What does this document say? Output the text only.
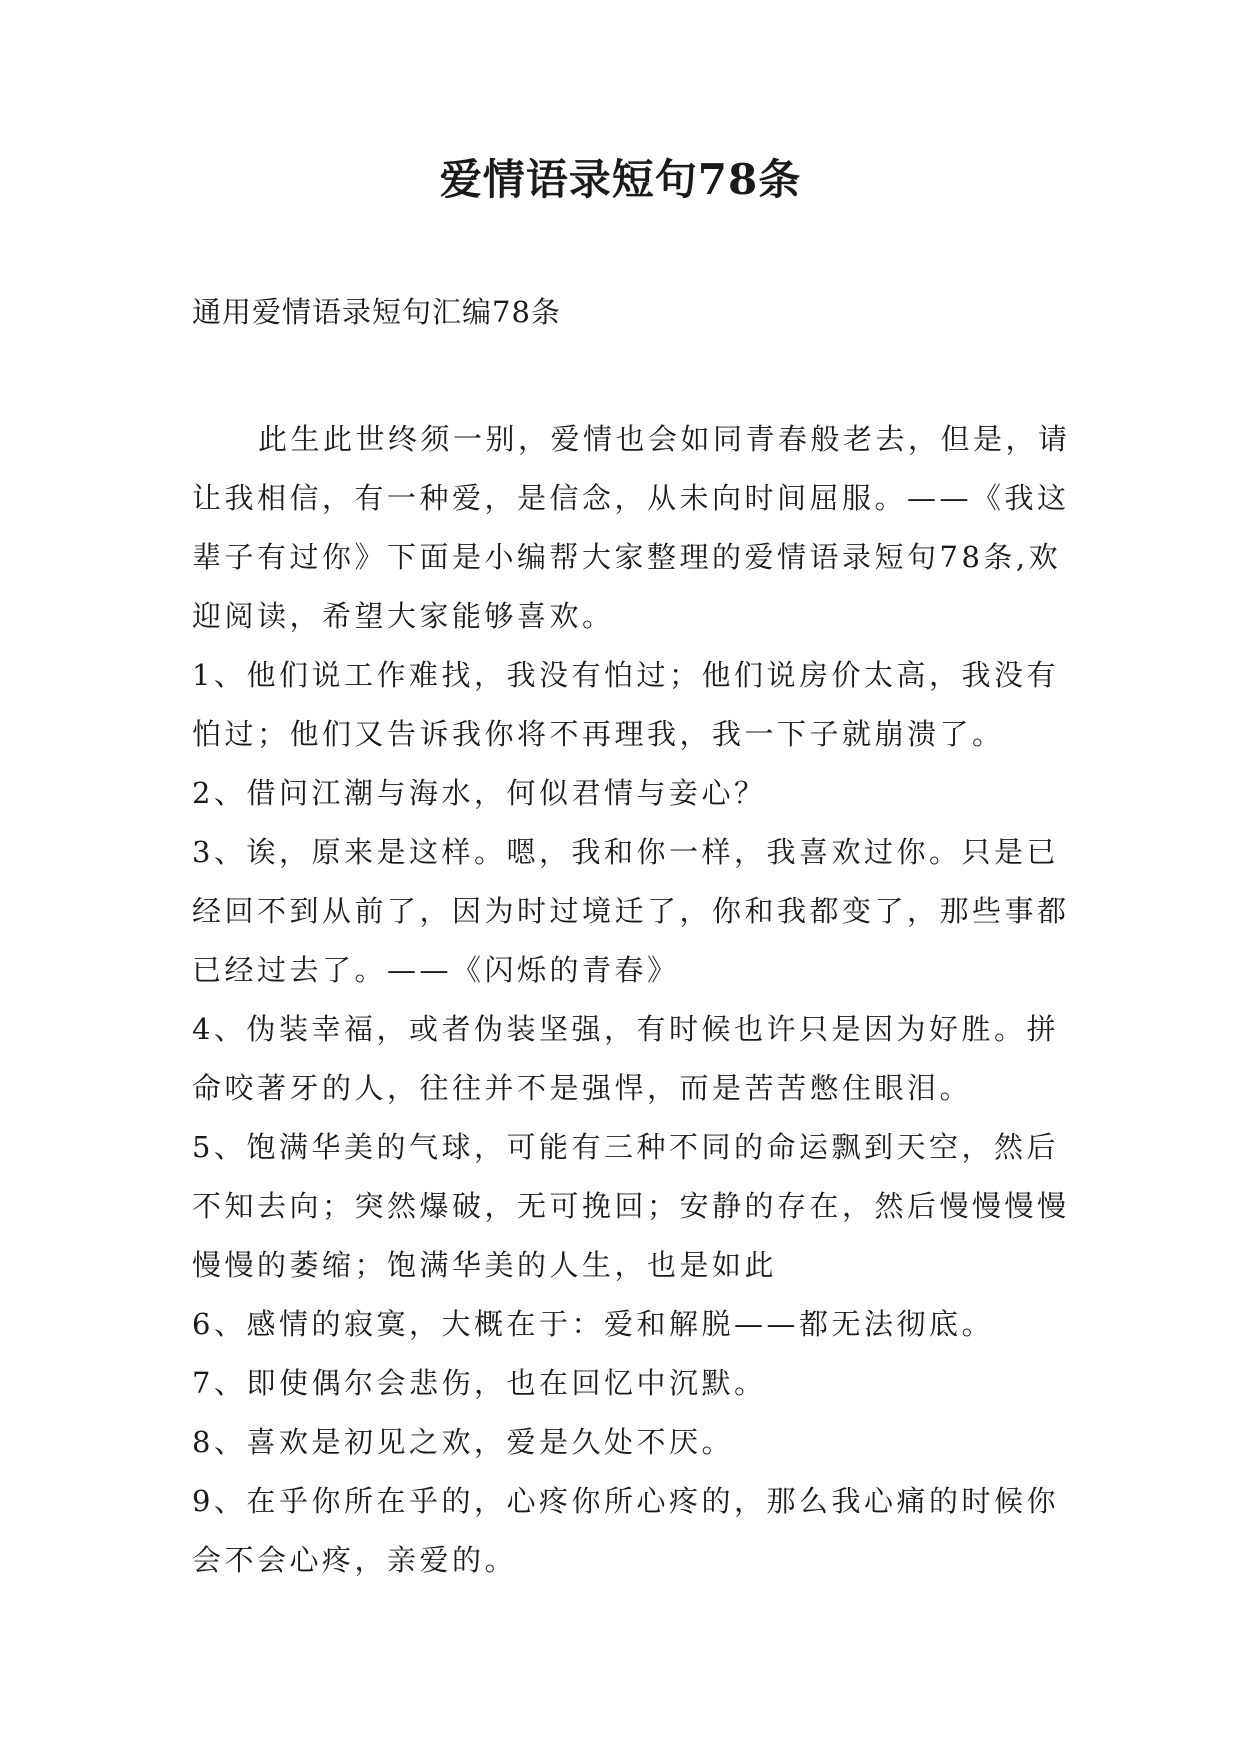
爱情语录短句78条

通用爱情语录短句汇编78条

此生此世终须一别，爱情也会如同青春般老去，但是，请让我相信，有一种爱，是信念，从未向时间屈服。——《我这辈子有过你》下面是小编帮大家整理的爱情语录短句78条,欢迎阅读，希望大家能够喜欢。

1、他们说工作难找，我没有怕过；他们说房价太高，我没有怕过；他们又告诉我你将不再理我，我一下子就崩溃了。

2、借问江潮与海水，何似君情与妾心？

3、诶，原来是这样。嗯，我和你一样，我喜欢过你。只是已经回不到从前了，因为时过境迁了，你和我都变了，那些事都已经过去了。——《闪烁的青春》

4、伪装幸福，或者伪装坚强，有时候也许只是因为好胜。拼命咬著牙的人，往往并不是强悍，而是苦苦憋住眼泪。

5、饱满华美的气球，可能有三种不同的命运飘到天空，然后不知去向；突然爆破，无可挽回；安静的存在，然后慢慢慢慢慢慢的萎缩；饱满华美的人生，也是如此

6、感情的寂寞，大概在于：爱和解脱——都无法彻底。

7、即使偶尔会悲伤，也在回忆中沉默。

8、喜欢是初见之欢，爱是久处不厌。

9、在乎你所在乎的，心疼你所心疼的，那么我心痛的时候你会不会心疼，亲爱的。
